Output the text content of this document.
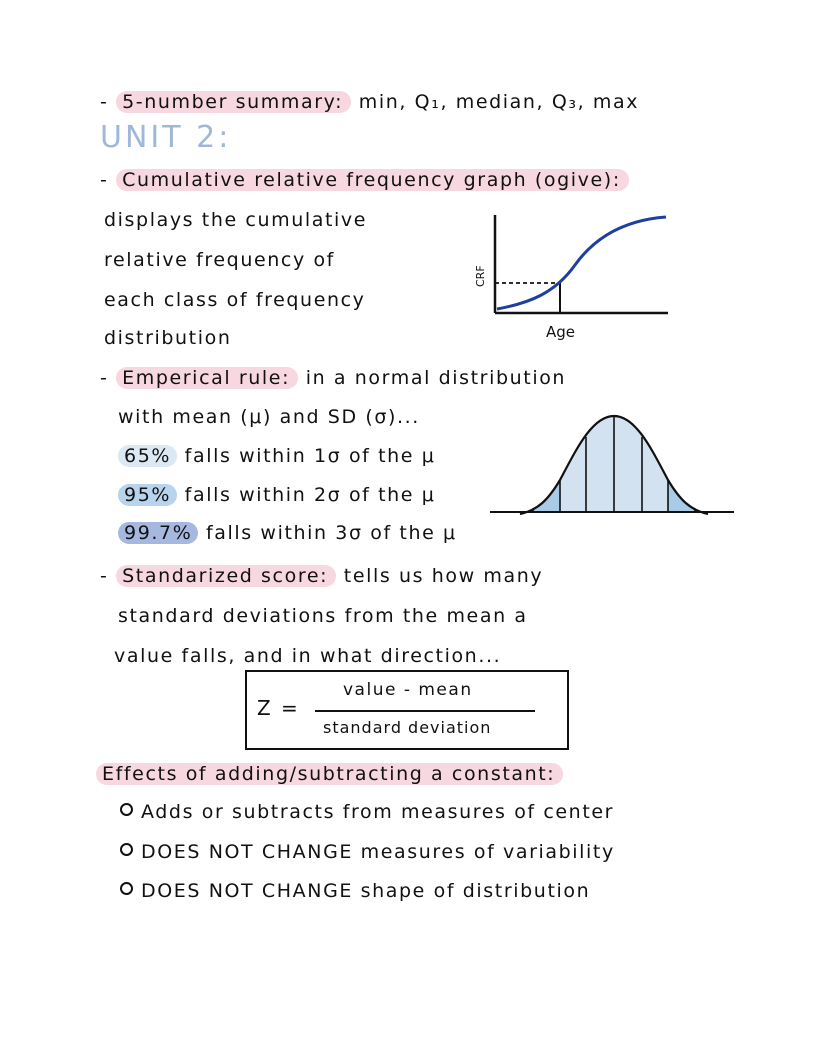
- 5-number summary: min, Q₁, median, Q₃, max
UNIT 2:
- Cumulative relative frequency graph (ogive):
displays the cumulative
relative frequency of
each class of frequency
distribution
CRF
Age
- Emperical rule: in a normal distribution
with mean (μ) and SD (σ)...
65% falls within 1σ of the μ
95% falls within 2σ of the μ
99.7% falls within 3σ of the μ
- Standarized score: tells us how many
standard deviations from the mean a
value falls, and in what direction...
Z =
value - mean
standard deviation
Effects of adding/subtracting a constant:
Adds or subtracts from measures of center
DOES NOT CHANGE measures of variability
DOES NOT CHANGE shape of distribution
